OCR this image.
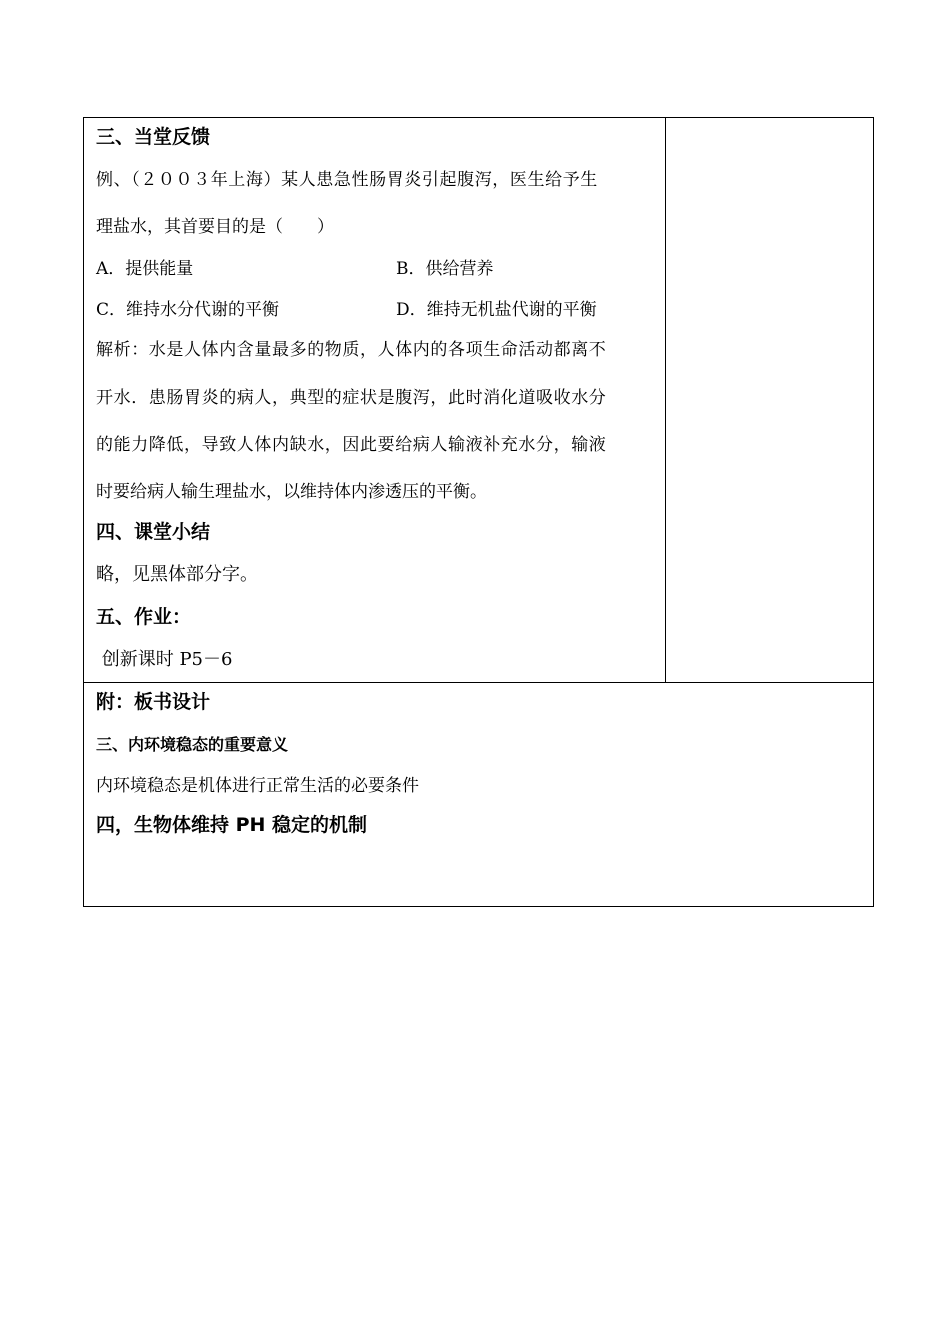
三、当堂反馈
例、（２００３年上海）某人患急性肠胃炎引起腹泻，医生给予生
理盐水，其首要目的是（　　）
A．提供能量	B．供给营养
C．维持水分代谢的平衡	D．维持无机盐代谢的平衡
解析：水是人体内含量最多的物质，人体内的各项生命活动都离不
开水．患肠胃炎的病人，典型的症状是腹泻，此时消化道吸收水分
的能力降低，导致人体内缺水，因此要给病人输液补充水分，输液
时要给病人输生理盐水，以维持体内渗透压的平衡。
四、课堂小结
略，见黑体部分字。
五、作业：
创新课时 P5－6
附：板书设计
三、内环境稳态的重要意义
内环境稳态是机体进行正常生活的必要条件
四，生物体维持 PH 稳定的机制
